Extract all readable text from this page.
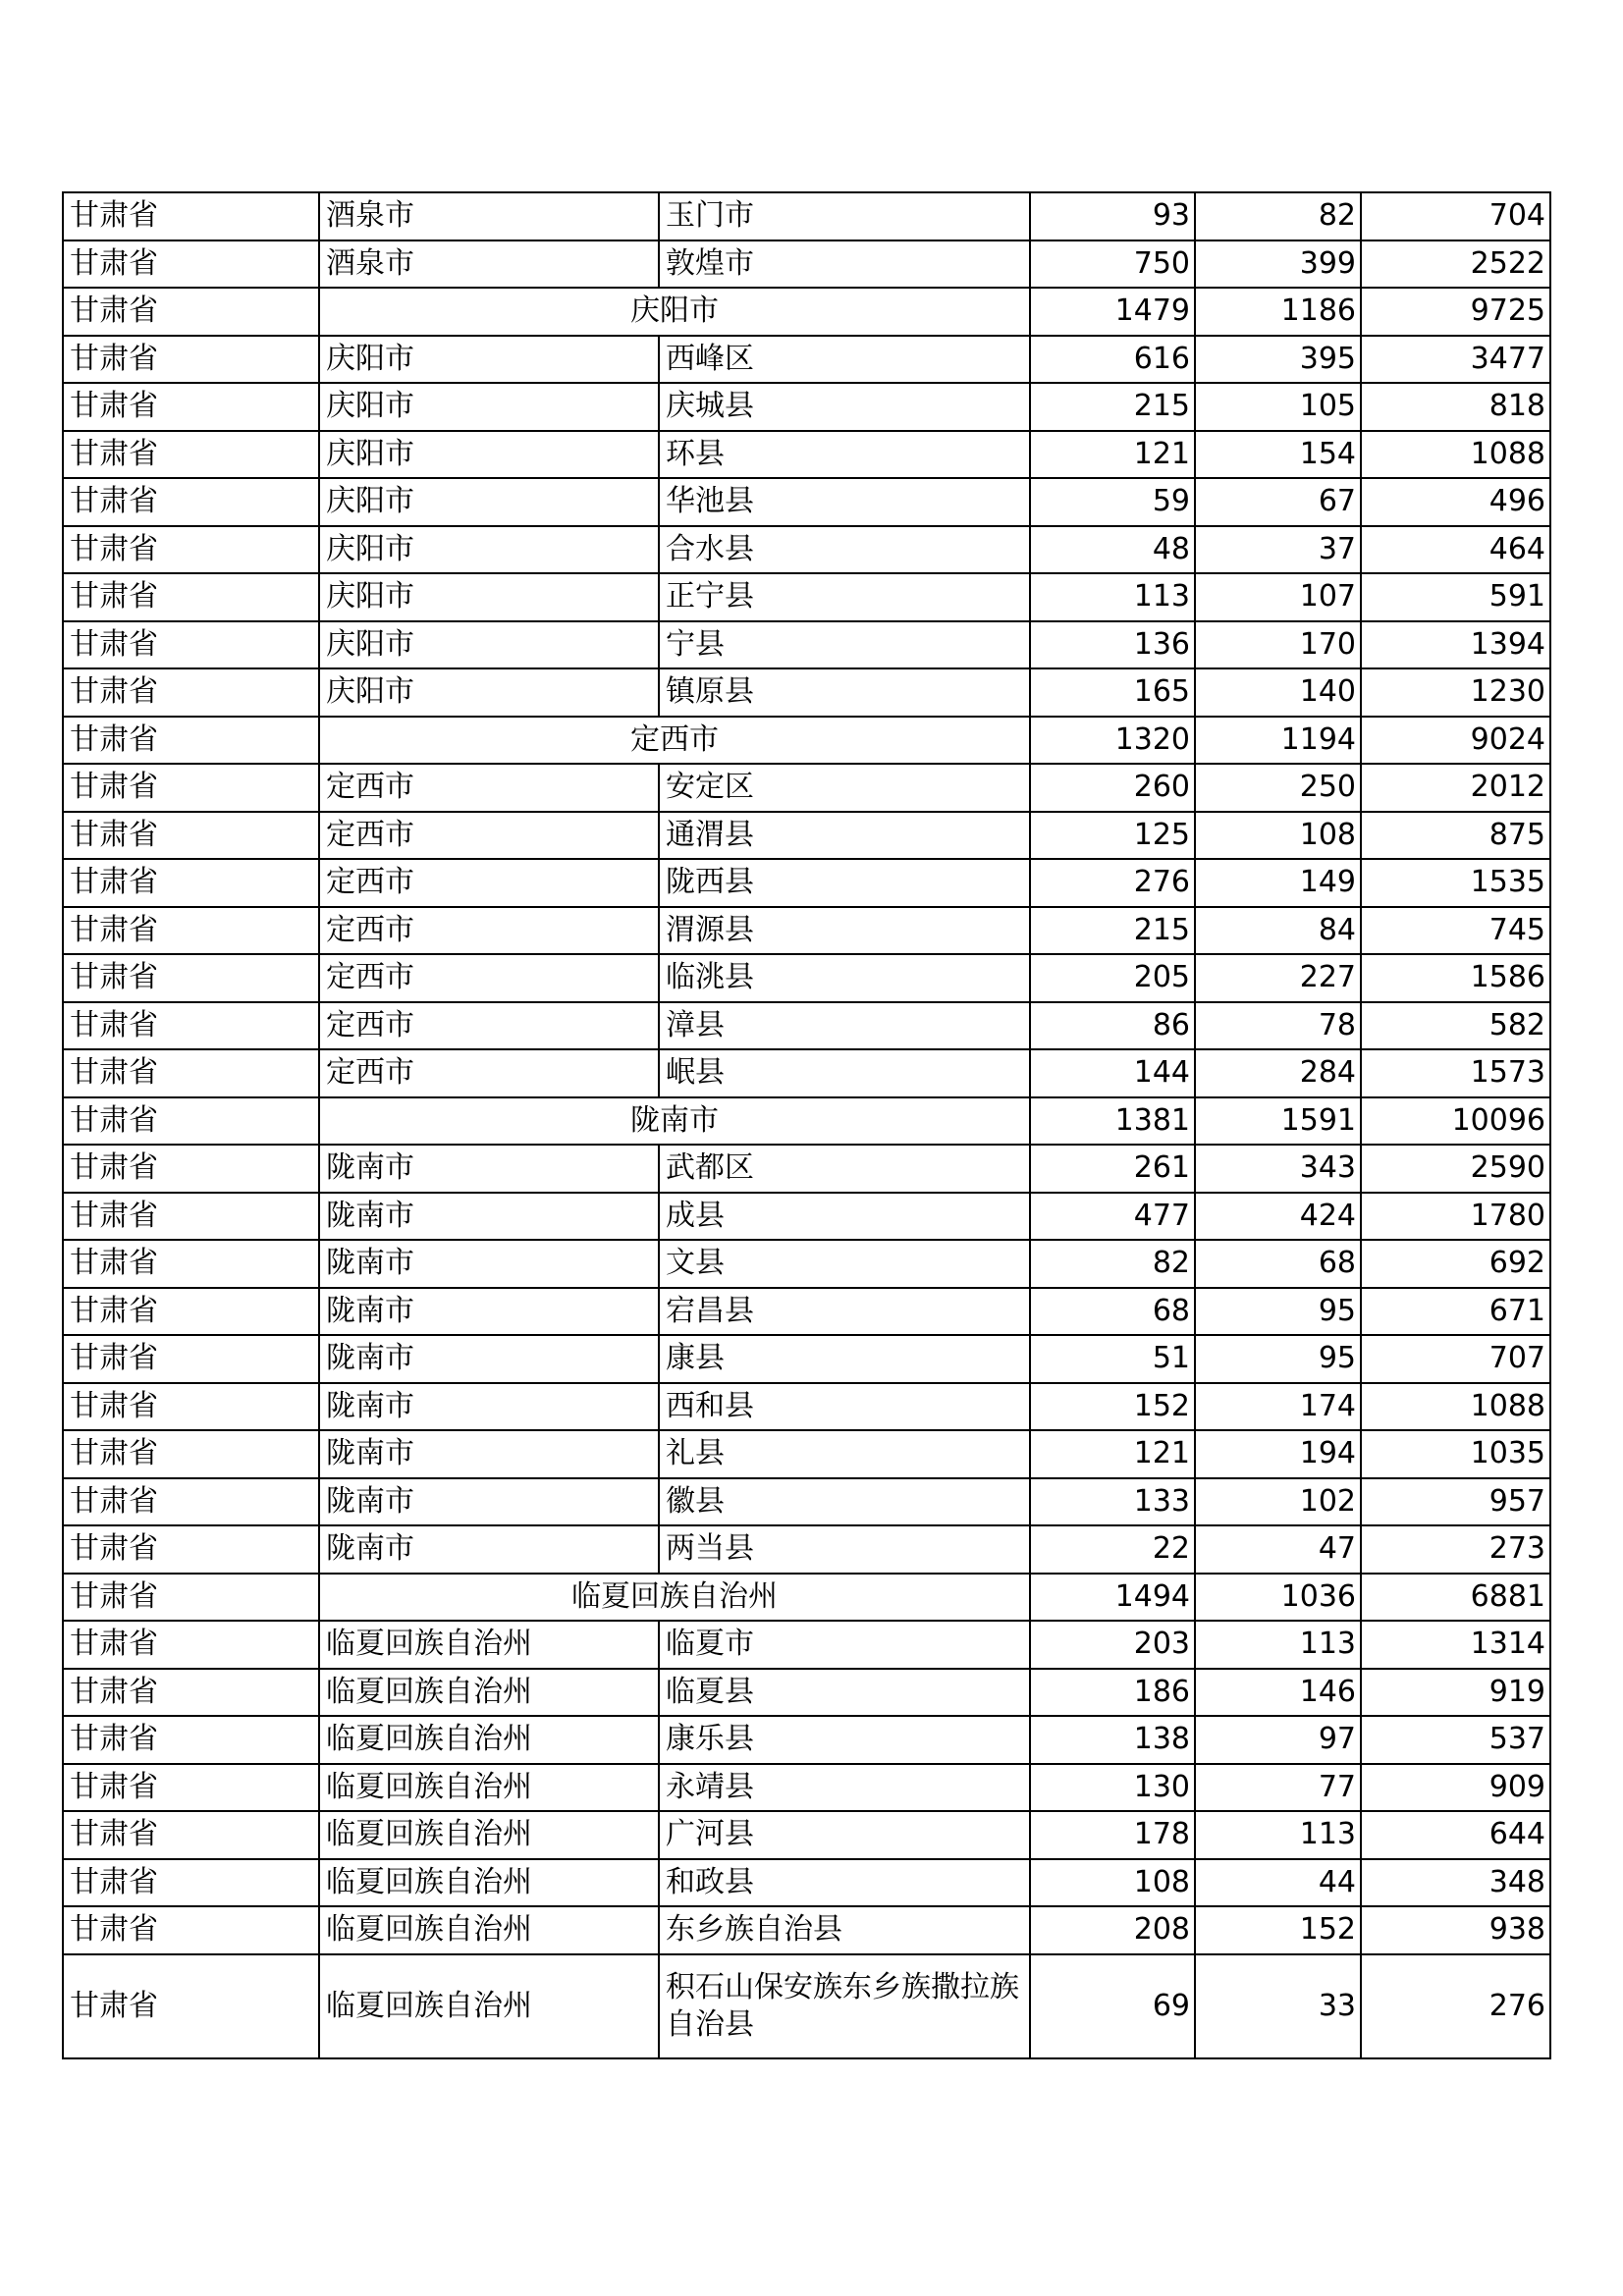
甘肃省	酒泉市	玉门市	93	82	704
甘肃省	酒泉市	敦煌市	750	399	2522
甘肃省	庆阳市		1479	1186	9725
甘肃省	庆阳市	西峰区	616	395	3477
甘肃省	庆阳市	庆城县	215	105	818
甘肃省	庆阳市	环县	121	154	1088
甘肃省	庆阳市	华池县	59	67	496
甘肃省	庆阳市	合水县	48	37	464
甘肃省	庆阳市	正宁县	113	107	591
甘肃省	庆阳市	宁县	136	170	1394
甘肃省	庆阳市	镇原县	165	140	1230
甘肃省	定西市		1320	1194	9024
甘肃省	定西市	安定区	260	250	2012
甘肃省	定西市	通渭县	125	108	875
甘肃省	定西市	陇西县	276	149	1535
甘肃省	定西市	渭源县	215	84	745
甘肃省	定西市	临洮县	205	227	1586
甘肃省	定西市	漳县	86	78	582
甘肃省	定西市	岷县	144	284	1573
甘肃省	陇南市		1381	1591	10096
甘肃省	陇南市	武都区	261	343	2590
甘肃省	陇南市	成县	477	424	1780
甘肃省	陇南市	文县	82	68	692
甘肃省	陇南市	宕昌县	68	95	671
甘肃省	陇南市	康县	51	95	707
甘肃省	陇南市	西和县	152	174	1088
甘肃省	陇南市	礼县	121	194	1035
甘肃省	陇南市	徽县	133	102	957
甘肃省	陇南市	两当县	22	47	273
甘肃省	临夏回族自治州		1494	1036	6881
甘肃省	临夏回族自治州	临夏市	203	113	1314
甘肃省	临夏回族自治州	临夏县	186	146	919
甘肃省	临夏回族自治州	康乐县	138	97	537
甘肃省	临夏回族自治州	永靖县	130	77	909
甘肃省	临夏回族自治州	广河县	178	113	644
甘肃省	临夏回族自治州	和政县	108	44	348
甘肃省	临夏回族自治州	东乡族自治县	208	152	938
甘肃省	临夏回族自治州	积石山保安族东乡族撒拉族自治县	69	33	276
